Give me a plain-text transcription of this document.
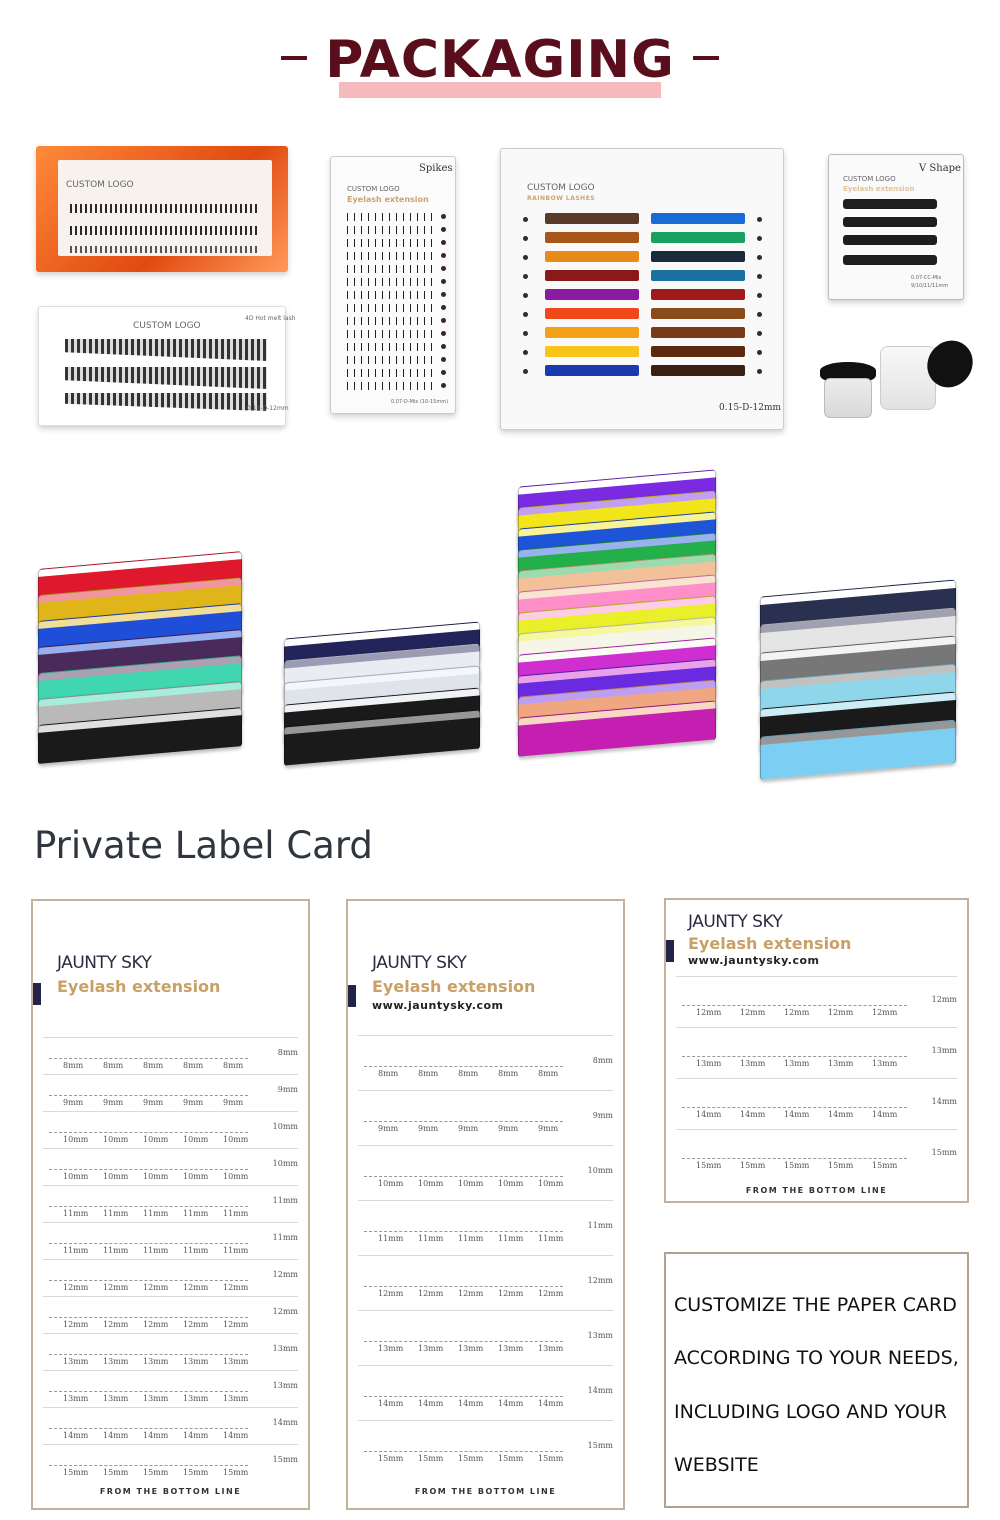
PACKAGING
CUSTOM LOGO
CUSTOM LOGO
4D Hot melt lash
0.10-D-12mm
CUSTOM LOGO
Eyelash extension
Spikes
0.07-D-Mix (10-15mm)
CUSTOM LOGO
RAINBOW LASHES
0.15-D-12mm
CUSTOM LOGO
Eyelash extension
V Shape
0.07-CC-Mix
9/10/11/11mm
Private Label Card
JAUNTY SKY
Eyelash extension
8mm
8mm	8mm	8mm	8mm	8mm
9mm
9mm	9mm	9mm	9mm	9mm
10mm
10mm	10mm	10mm	10mm	10mm
10mm
10mm	10mm	10mm	10mm	10mm
11mm
11mm	11mm	11mm	11mm	11mm
11mm
11mm	11mm	11mm	11mm	11mm
12mm
12mm	12mm	12mm	12mm	12mm
12mm
12mm	12mm	12mm	12mm	12mm
13mm
13mm	13mm	13mm	13mm	13mm
13mm
13mm	13mm	13mm	13mm	13mm
14mm
14mm	14mm	14mm	14mm	14mm
15mm
15mm	15mm	15mm	15mm	15mm
FROM THE BOTTOM LINE
JAUNTY SKY
Eyelash extension
www.jauntysky.com
8mm
8mm	8mm	8mm	8mm	8mm
9mm
9mm	9mm	9mm	9mm	9mm
10mm
10mm	10mm	10mm	10mm	10mm
11mm
11mm	11mm	11mm	11mm	11mm
12mm
12mm	12mm	12mm	12mm	12mm
13mm
13mm	13mm	13mm	13mm	13mm
14mm
14mm	14mm	14mm	14mm	14mm
15mm
15mm	15mm	15mm	15mm	15mm
FROM THE BOTTOM LINE
JAUNTY SKY
Eyelash extension
www.jauntysky.com
12mm
12mm	12mm	12mm	12mm	12mm
13mm
13mm	13mm	13mm	13mm	13mm
14mm
14mm	14mm	14mm	14mm	14mm
15mm
15mm	15mm	15mm	15mm	15mm
FROM THE BOTTOM LINE
CUSTOMIZE THE PAPER CARD
ACCORDING TO YOUR NEEDS,
INCLUDING LOGO AND YOUR
WEBSITE
